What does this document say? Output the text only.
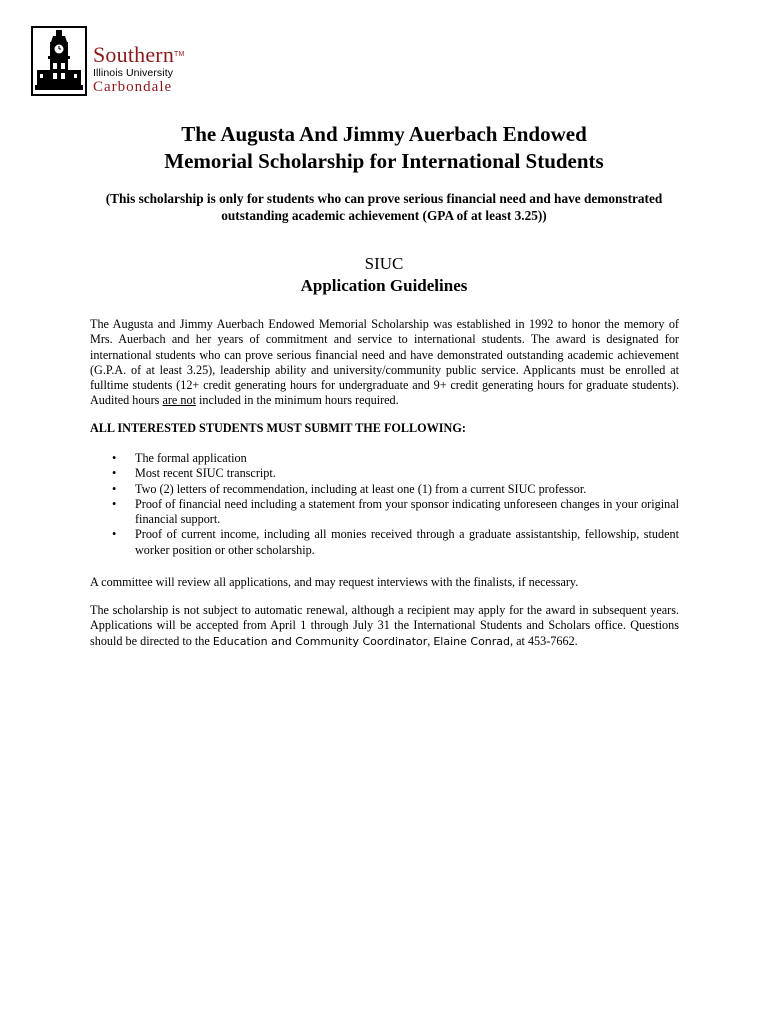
Southern™
Illinois University
Carbondale
The Augusta And Jimmy Auerbach Endowed
Memorial Scholarship for International Students
(This scholarship is only for students who can prove serious financial need and have demonstrated outstanding academic achievement (GPA of at least 3.25))
SIUC
Application Guidelines
The Augusta and Jimmy Auerbach Endowed Memorial Scholarship was established in 1992 to honor the memory of Mrs. Auerbach and her years of commitment and service to international students. The award is designated for international students who can prove serious financial need and have demonstrated outstanding academic achievement (G.P.A. of at least 3.25), leadership ability and university/community public service. Applicants must be enrolled at fulltime students (12+ credit generating hours for undergraduate and 9+ credit generating hours for graduate students). Audited hours are not included in the minimum hours required.
ALL INTERESTED STUDENTS MUST SUBMIT THE FOLLOWING:
• The formal application
• Most recent SIUC transcript.
• Two (2) letters of recommendation, including at least one (1) from a current SIUC professor.
• Proof of financial need including a statement from your sponsor indicating unforeseen changes in your original financial support.
• Proof of current income, including all monies received through a graduate assistantship, fellowship, student worker position or other scholarship.
A committee will review all applications, and may request interviews with the finalists, if necessary.
The scholarship is not subject to automatic renewal, although a recipient may apply for the award in subsequent years. Applications will be accepted from April 1 through July 31 the International Students and Scholars office. Questions should be directed to the Education and Community Coordinator, Elaine Conrad, at 453-7662.
